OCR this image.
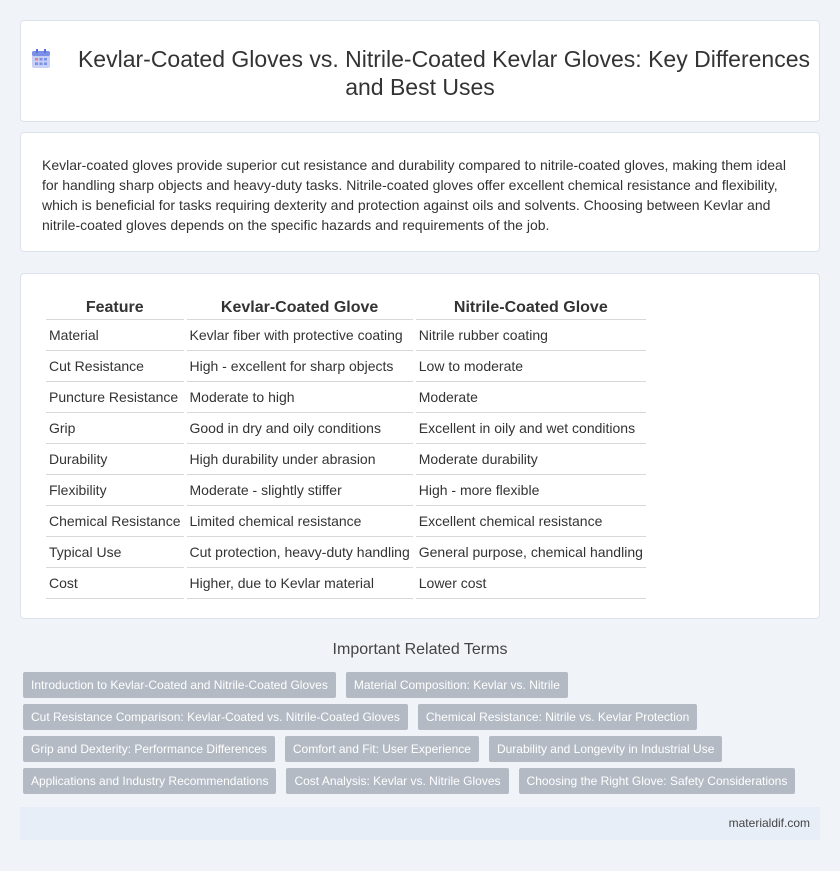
Kevlar-Coated Gloves vs. Nitrile-Coated Kevlar Gloves: Key Differences and Best Uses

Kevlar-coated gloves provide superior cut resistance and durability compared to nitrile-coated gloves, making them ideal for handling sharp objects and heavy-duty tasks. Nitrile-coated gloves offer excellent chemical resistance and flexibility, which is beneficial for tasks requiring dexterity and protection against oils and solvents. Choosing between Kevlar and nitrile-coated gloves depends on the specific hazards and requirements of the job.

Feature	Kevlar-Coated Glove	Nitrile-Coated Glove
Material	Kevlar fiber with protective coating	Nitrile rubber coating
Cut Resistance	High - excellent for sharp objects	Low to moderate
Puncture Resistance	Moderate to high	Moderate
Grip	Good in dry and oily conditions	Excellent in oily and wet conditions
Durability	High durability under abrasion	Moderate durability
Flexibility	Moderate - slightly stiffer	High - more flexible
Chemical Resistance	Limited chemical resistance	Excellent chemical resistance
Typical Use	Cut protection, heavy-duty handling	General purpose, chemical handling
Cost	Higher, due to Kevlar material	Lower cost
Important Related Terms
Introduction to Kevlar-Coated and Nitrile-Coated Gloves Material Composition: Kevlar vs. Nitrile
Cut Resistance Comparison: Kevlar-Coated vs. Nitrile-Coated Gloves Chemical Resistance: Nitrile vs. Kevlar Protection
Grip and Dexterity: Performance Differences Comfort and Fit: User Experience Durability and Longevity in Industrial Use
Applications and Industry Recommendations Cost Analysis: Kevlar vs. Nitrile Gloves Choosing the Right Glove: Safety Considerations
materialdif.com
